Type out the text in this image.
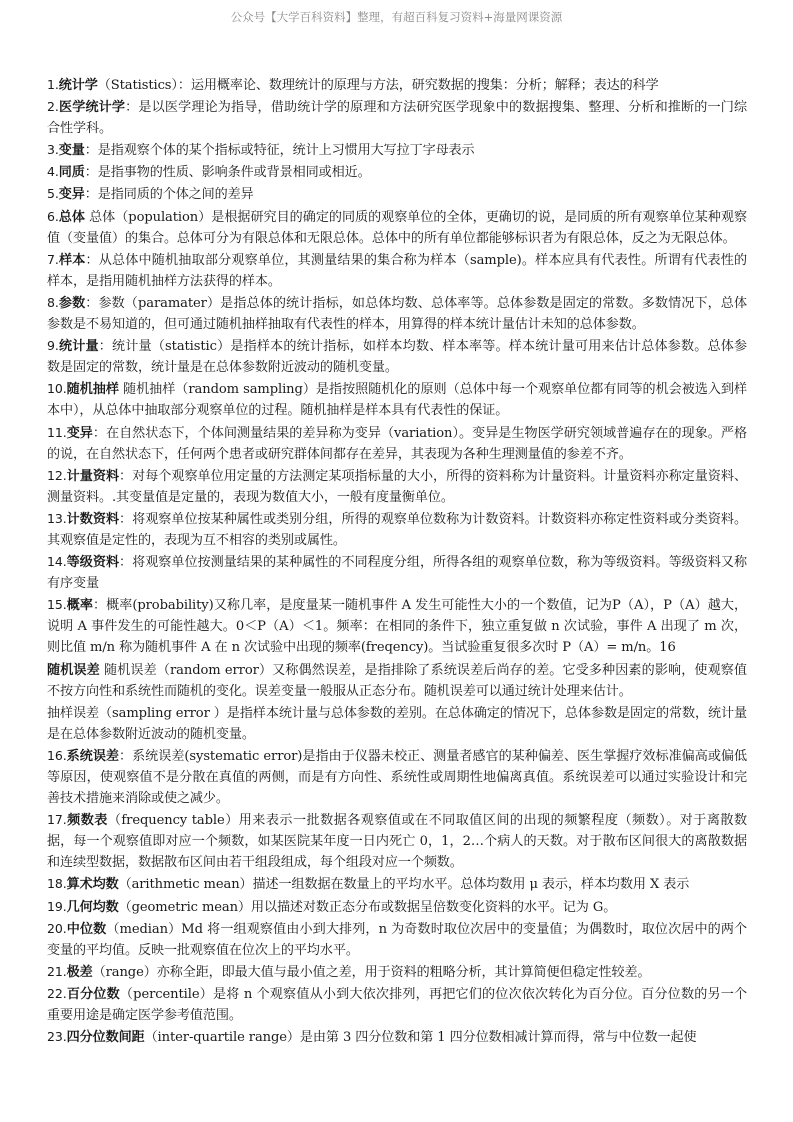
公众号【大学百科资料】整理，有超百科复习资料+海量网课资源

1.统计学（Statistics）：运用概率论、数理统计的原理与方法，研究数据的搜集：分析；解释；表达的科学

2.医学统计学：是以医学理论为指导，借助统计学的原理和方法研究医学现象中的数据搜集、整理、分析和推断的一门综合性学科。

3.变量：是指观察个体的某个指标或特征，统计上习惯用大写拉丁字母表示

4.同质：是指事物的性质、影响条件或背景相同或相近。

5.变异：是指同质的个体之间的差异

6.总体 总体（population）是根据研究目的确定的同质的观察单位的全体，更确切的说，是同质的所有观察单位某种观察值（变量值）的集合。总体可分为有限总体和无限总体。总体中的所有单位都能够标识者为有限总体，反之为无限总体。

7.样本：从总体中随机抽取部分观察单位，其测量结果的集合称为样本（sample)。样本应具有代表性。所谓有代表性的样本，是指用随机抽样方法获得的样本。

8.参数：参数（paramater）是指总体的统计指标，如总体均数、总体率等。总体参数是固定的常数。多数情况下，总体参数是不易知道的，但可通过随机抽样抽取有代表性的样本，用算得的样本统计量估计未知的总体参数。

9.统计量：统计量（statistic）是指样本的统计指标，如样本均数、样本率等。样本统计量可用来估计总体参数。总体参数是固定的常数，统计量是在总体参数附近波动的随机变量。

10.随机抽样 随机抽样（random sampling）是指按照随机化的原则（总体中每一个观察单位都有同等的机会被选入到样本中），从总体中抽取部分观察单位的过程。随机抽样是样本具有代表性的保证。

11.变异：在自然状态下，个体间测量结果的差异称为变异（variation）。变异是生物医学研究领域普遍存在的现象。严格的说，在自然状态下，任何两个患者或研究群体间都存在差异，其表现为各种生理测量值的参差不齐。

12.计量资料：对每个观察单位用定量的方法测定某项指标量的大小，所得的资料称为计量资料。计量资料亦称定量资料、测量资料。.其变量值是定量的，表现为数值大小，一般有度量衡单位。

13.计数资料：将观察单位按某种属性或类别分组，所得的观察单位数称为计数资料。计数资料亦称定性资料或分类资料。其观察值是定性的，表现为互不相容的类别或属性。

14.等级资料：将观察单位按测量结果的某种属性的不同程度分组，所得各组的观察单位数，称为等级资料。等级资料又称有序变量

15.概率：概率(probability)又称几率，是度量某一随机事件 A 发生可能性大小的一个数值，记为P（A），P（A）越大，说明 A 事件发生的可能性越大。0＜P（A）＜1。频率：在相同的条件下，独立重复做 n 次试验，事件 A 出现了 m 次，则比值 m/n 称为随机事件 A 在 n 次试验中出现的频率(freqency)。当试验重复很多次时 P（A）= m/n。16

随机误差 随机误差（random error）又称偶然误差，是指排除了系统误差后尚存的差。它受多种因素的影响，使观察值不按方向性和系统性而随机的变化。误差变量一般服从正态分布。随机误差可以通过统计处理来估计。

抽样误差（sampling error ）是指样本统计量与总体参数的差别。在总体确定的情况下，总体参数是固定的常数，统计量是在总体参数附近波动的随机变量。

16.系统误差：系统误差(systematic error)是指由于仪器未校正、测量者感官的某种偏差、医生掌握疗效标准偏高或偏低等原因，使观察值不是分散在真值的两侧，而是有方向性、系统性或周期性地偏离真值。系统误差可以通过实验设计和完善技术措施来消除或使之减少。

17.频数表（frequency table）用来表示一批数据各观察值或在不同取值区间的出现的频繁程度（频数）。对于离散数据，每一个观察值即对应一个频数，如某医院某年度一日内死亡 0，1，2…个病人的天数。对于散布区间很大的离散数据和连续型数据，数据散布区间由若干组段组成，每个组段对应一个频数。

18.算术均数（arithmetic mean）描述一组数据在数量上的平均水平。总体均数用 μ 表示，样本均数用 X 表示

19.几何均数（geometric mean）用以描述对数正态分布或数据呈倍数变化资料的水平。记为 G。

20.中位数（median）Md 将一组观察值由小到大排列，n 为奇数时取位次居中的变量值；为偶数时，取位次居中的两个变量的平均值。反映一批观察值在位次上的平均水平。

21.极差（range）亦称全距，即最大值与最小值之差，用于资料的粗略分析，其计算简便但稳定性较差。

22.百分位数（percentile）是将 n 个观察值从小到大依次排列，再把它们的位次依次转化为百分位。百分位数的另一个重要用途是确定医学参考值范围。

23.四分位数间距（inter-quartile range）是由第 3 四分位数和第 1 四分位数相减计算而得，常与中位数一起使
